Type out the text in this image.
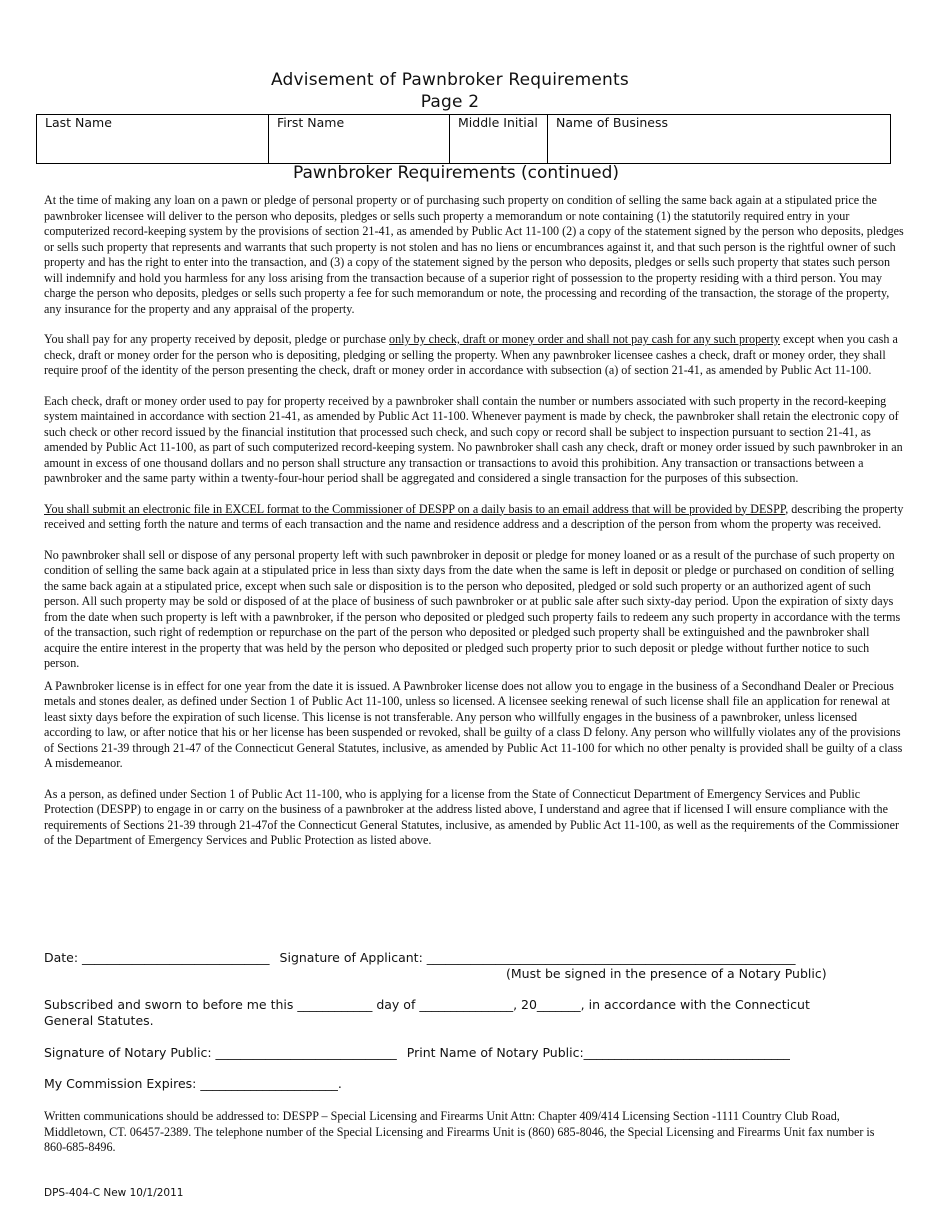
Advisement of Pawnbroker Requirements
Page 2
Last Name	First Name	Middle Initial	Name of Business
Pawnbroker Requirements (continued)

At the time of making any loan on a pawn or pledge of personal property or of purchasing such property on condition of selling the same back again at a stipulated price the pawnbroker licensee will deliver to the person who deposits, pledges or sells such property a memorandum or note containing (1) the statutorily required entry in your computerized record-keeping system by the provisions of section 21-41, as amended by Public Act 11-100 (2) a copy of the statement signed by the person who deposits, pledges or sells such property that represents and warrants that such property is not stolen and has no liens or encumbrances against it, and that such person is the rightful owner of such property and has the right to enter into the transaction, and (3) a copy of the statement signed by the person who deposits, pledges or sells such property that states such person will indemnify and hold you harmless for any loss arising from the transaction because of a superior right of possession to the property residing with a third person. You may charge the person who deposits, pledges or sells such property a fee for such memorandum or note, the processing and recording of the transaction, the storage of the property, any insurance for the property and any appraisal of the property.

You shall pay for any property received by deposit, pledge or purchase only by check, draft or money order and shall not pay cash for any such property except when you cash a check, draft or money order for the person who is depositing, pledging or selling the property. When any pawnbroker licensee cashes a check, draft or money order, they shall require proof of the identity of the person presenting the check, draft or money order in accordance with subsection (a) of section 21-41, as amended by Public Act 11-100.

Each check, draft or money order used to pay for property received by a pawnbroker shall contain the number or numbers associated with such property in the record-keeping system maintained in accordance with section 21-41, as amended by Public Act 11-100. Whenever payment is made by check, the pawnbroker shall retain the electronic copy of such check or other record issued by the financial institution that processed such check, and such copy or record shall be subject to inspection pursuant to section 21-41, as amended by Public Act 11-100, as part of such computerized record-keeping system. No pawnbroker shall cash any check, draft or money order issued by such pawnbroker in an amount in excess of one thousand dollars and no person shall structure any transaction or transactions to avoid this prohibition. Any transaction or transactions between a pawnbroker and the same party within a twenty-four-hour period shall be aggregated and considered a single transaction for the purposes of this subsection.

You shall submit an electronic file in EXCEL format to the Commissioner of DESPP on a daily basis to an email address that will be provided by DESPP, describing the property received and setting forth the nature and terms of each transaction and the name and residence address and a description of the person from whom the property was received.

No pawnbroker shall sell or dispose of any personal property left with such pawnbroker in deposit or pledge for money loaned or as a result of the purchase of such property on condition of selling the same back again at a stipulated price in less than sixty days from the date when the same is left in deposit or pledge or purchased on condition of selling the same back again at a stipulated price, except when such sale or disposition is to the person who deposited, pledged or sold such property or an authorized agent of such person. All such property may be sold or disposed of at the place of business of such pawnbroker or at public sale after such sixty-day period. Upon the expiration of sixty days from the date when such property is left with a pawnbroker, if the person who deposited or pledged such property fails to redeem any such property in accordance with the terms of the transaction, such right of redemption or repurchase on the part of the person who deposited or pledged such property shall be extinguished and the pawnbroker shall acquire the entire interest in the property that was held by the person who deposited or pledged such property prior to such deposit or pledge without further notice to such person.

A Pawnbroker license is in effect for one year from the date it is issued. A Pawnbroker license does not allow you to engage in the business of a Secondhand Dealer or Precious metals and stones dealer, as defined under Section 1 of Public Act 11-100, unless so licensed. A licensee seeking renewal of such license shall file an application for renewal at least sixty days before the expiration of such license. This license is not transferable. Any person who willfully engages in the business of a pawnbroker, unless licensed according to law, or after notice that his or her license has been suspended or revoked, shall be guilty of a class D felony. Any person who willfully violates any of the provisions of Sections 21-39 through 21-47 of the Connecticut General Statutes, inclusive, as amended by Public Act 11-100 for which no other penalty is provided shall be guilty of a class A misdemeanor.

As a person, as defined under Section 1 of Public Act 11-100, who is applying for a license from the State of Connecticut Department of Emergency Services and Public Protection (DESPP) to engage in or carry on the business of a pawnbroker at the address listed above, I understand and agree that if licensed I will ensure compliance with the requirements of Sections 21-39 through 21-47of the Connecticut General Statutes, inclusive, as amended by Public Act 11-100, as well as the requirements of the Commissioner of the Department of Emergency Services and Public Protection as listed above.

Date: ______________________________ Signature of Applicant: ___________________________________________________________
(Must be signed in the presence of a Notary Public)
Subscribed and sworn to before me this ____________ day of _______________, 20_______, in accordance with the Connecticut
General Statutes.
Signature of Notary Public: _____________________________ Print Name of Notary Public:_________________________________
My Commission Expires: ______________________.
Written communications should be addressed to: DESPP – Special Licensing and Firearms Unit Attn: Chapter 409/414 Licensing Section -1111 Country Club Road, Middletown, CT. 06457-2389. The telephone number of the Special Licensing and Firearms Unit is (860) 685-8046, the Special Licensing and Firearms Unit fax number is 860-685-8496.
DPS-404-C New 10/1/2011
